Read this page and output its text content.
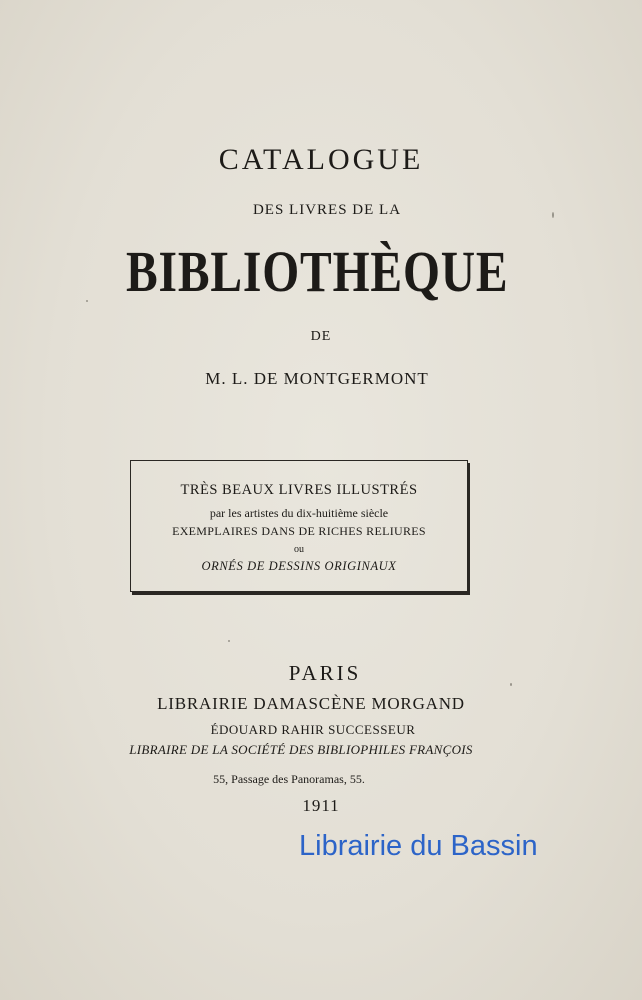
CATALOGUE
DES LIVRES DE LA
BIBLIOTHÈQUE
DE
M. L. DE MONTGERMONT
TRÈS BEAUX LIVRES ILLUSTRÉS
par les artistes du dix-huitième siècle
EXEMPLAIRES DANS DE RICHES RELIURES
ou
ORNÉS DE DESSINS ORIGINAUX
PARIS
LIBRAIRIE DAMASCÈNE MORGAND
ÉDOUARD RAHIR SUCCESSEUR
LIBRAIRE DE LA SOCIÉTÉ DES BIBLIOPHILES FRANÇOIS
55, Passage des Panoramas, 55.
1911
Librairie du Bassin
